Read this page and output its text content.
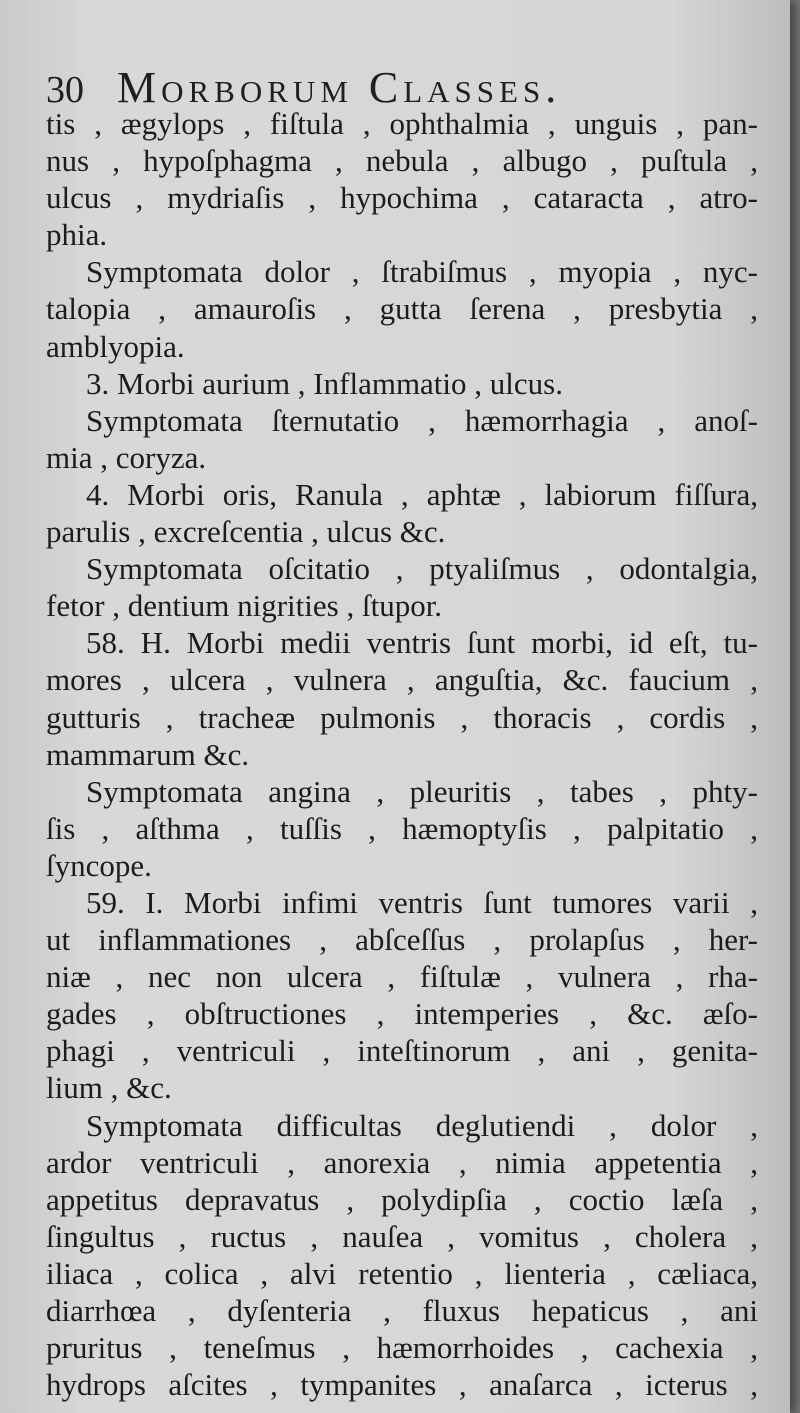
30 Morborum Classes.
tis , ægylops , fiſtula , ophthalmia , unguis , pan-
nus , hypoſphagma , nebula , albugo , puſtula ,
ulcus , mydriaſis , hypochima , cataracta , atro-
phia.
Symptomata dolor , ſtrabiſmus , myopia , nyc-
talopia , amauroſis , gutta ſerena , presbytia ,
amblyopia.
3. Morbi aurium , Inflammatio , ulcus.
Symptomata ſternutatio , hæmorrhagia , anoſ-
mia , coryza.
4. Morbi oris, Ranula , aphtæ , labiorum fiſſura,
parulis , excreſcentia , ulcus &c.
Symptomata oſcitatio , ptyaliſmus , odontalgia,
fetor , dentium nigrities , ſtupor.
58. H. Morbi medii ventris ſunt morbi, id eſt, tu-
mores , ulcera , vulnera , anguſtia, &c. faucium ,
gutturis , tracheæ pulmonis , thoracis , cordis ,
mammarum &c.
Symptomata angina , pleuritis , tabes , phty-
ſis , aſthma , tuſſis , hæmoptyſis , palpitatio ,
ſyncope.
59. I. Morbi infimi ventris ſunt tumores varii ,
ut inflammationes , abſceſſus , prolapſus , her-
niæ , nec non ulcera , fiſtulæ , vulnera , rha-
gades , obſtructiones , intemperies , &c. æſo-
phagi , ventriculi , inteſtinorum , ani , genita-
lium , &c.
Symptomata difficultas deglutiendi , dolor ,
ardor ventriculi , anorexia , nimia appetentia ,
appetitus depravatus , polydipſia , coctio læſa ,
ſingultus , ructus , nauſea , vomitus , cholera ,
iliaca , colica , alvi retentio , lienteria , cæliaca,
diarrhœa , dyſenteria , fluxus hepaticus , ani
pruritus , teneſmus , hæmorrhoides , cachexia ,
hydrops aſcites , tympanites , anaſarca , icterus ,
